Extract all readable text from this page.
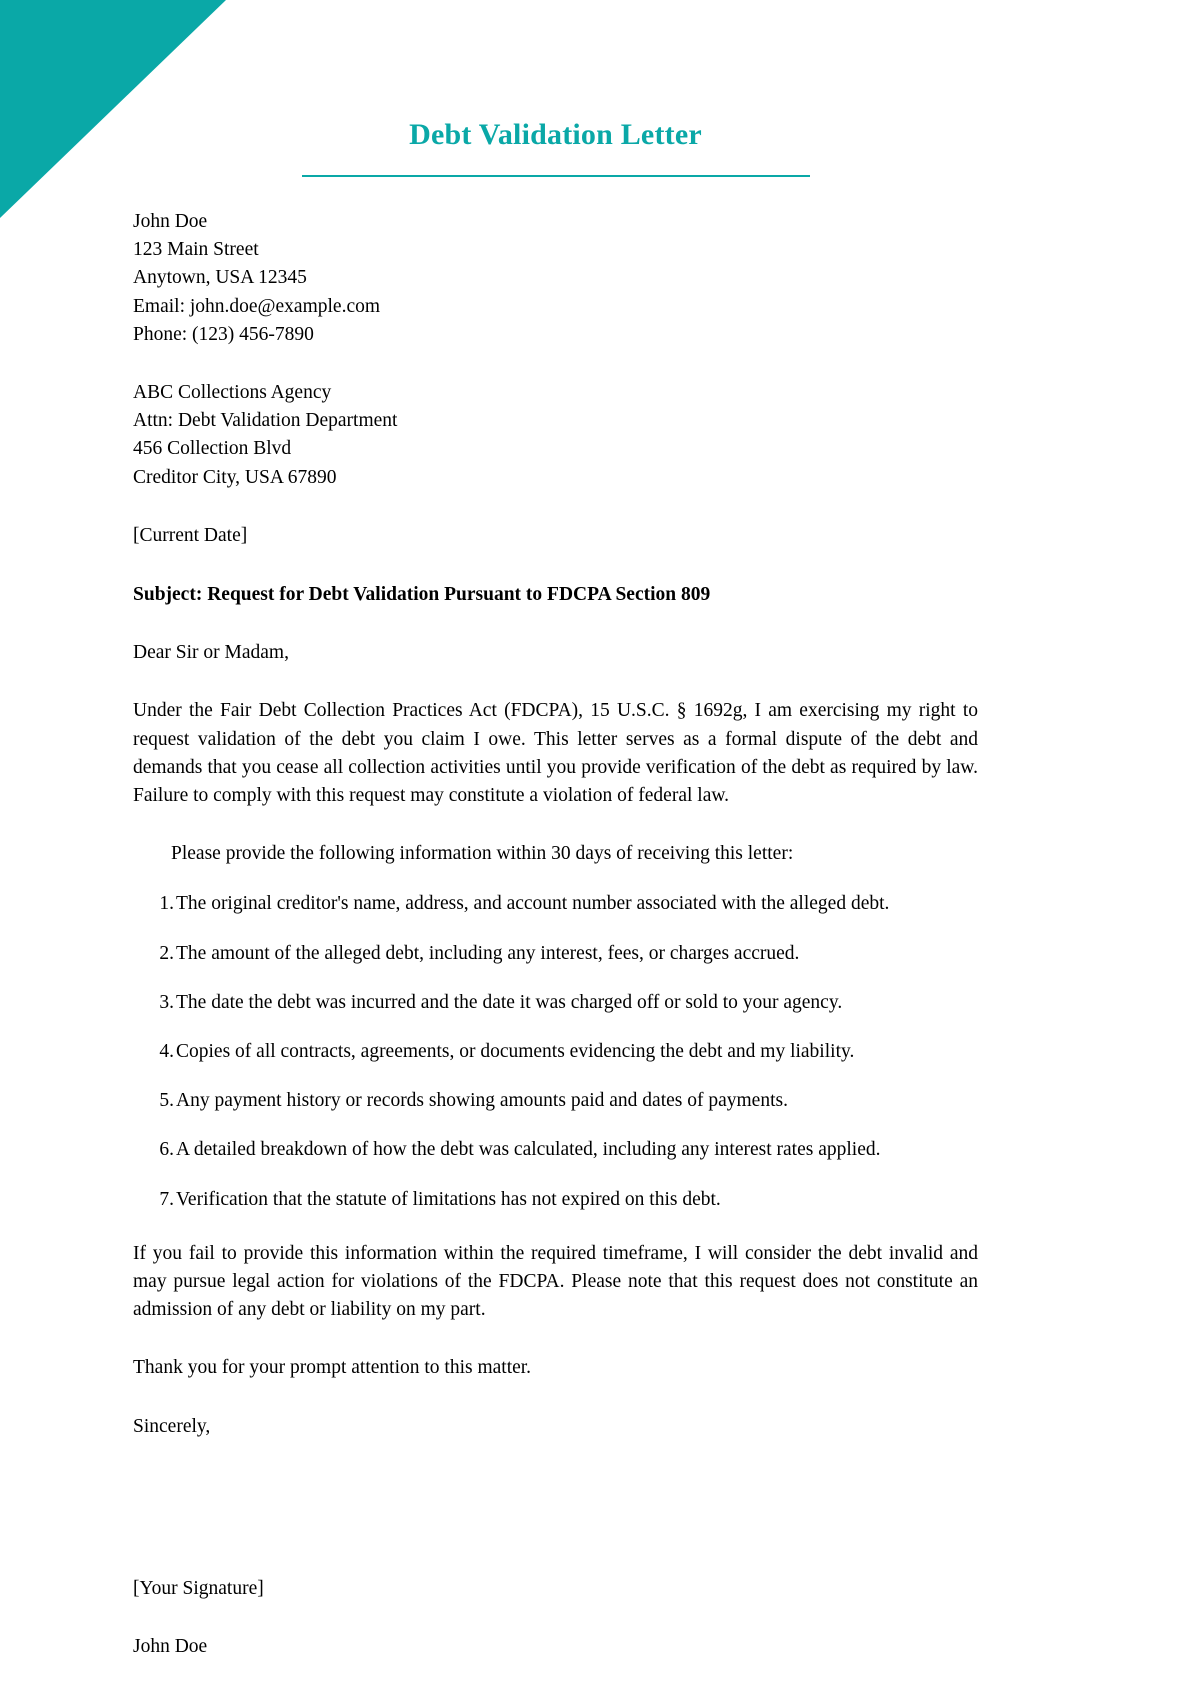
Debt Validation Letter
John Doe
123 Main Street
Anytown, USA 12345
Email: john.doe@example.com
Phone: (123) 456-7890
ABC Collections Agency
Attn: Debt Validation Department
456 Collection Blvd
Creditor City, USA 67890
[Current Date]
Subject: Request for Debt Validation Pursuant to FDCPA Section 809
Dear Sir or Madam,
Under the Fair Debt Collection Practices Act (FDCPA), 15 U.S.C. § 1692g, I am exercising my right to request validation of the debt you claim I owe. This letter serves as a formal dispute of the debt and demands that you cease all collection activities until you provide verification of the debt as required by law. Failure to comply with this request may constitute a violation of federal law.
Please provide the following information within 30 days of receiving this letter:
1. The original creditor's name, address, and account number associated with the alleged debt.
2. The amount of the alleged debt, including any interest, fees, or charges accrued.
3. The date the debt was incurred and the date it was charged off or sold to your agency.
4. Copies of all contracts, agreements, or documents evidencing the debt and my liability.
5. Any payment history or records showing amounts paid and dates of payments.
6. A detailed breakdown of how the debt was calculated, including any interest rates applied.
7. Verification that the statute of limitations has not expired on this debt.
If you fail to provide this information within the required timeframe, I will consider the debt invalid and may pursue legal action for violations of the FDCPA. Please note that this request does not constitute an admission of any debt or liability on my part.
Thank you for your prompt attention to this matter.
Sincerely,
[Your Signature]
John Doe
